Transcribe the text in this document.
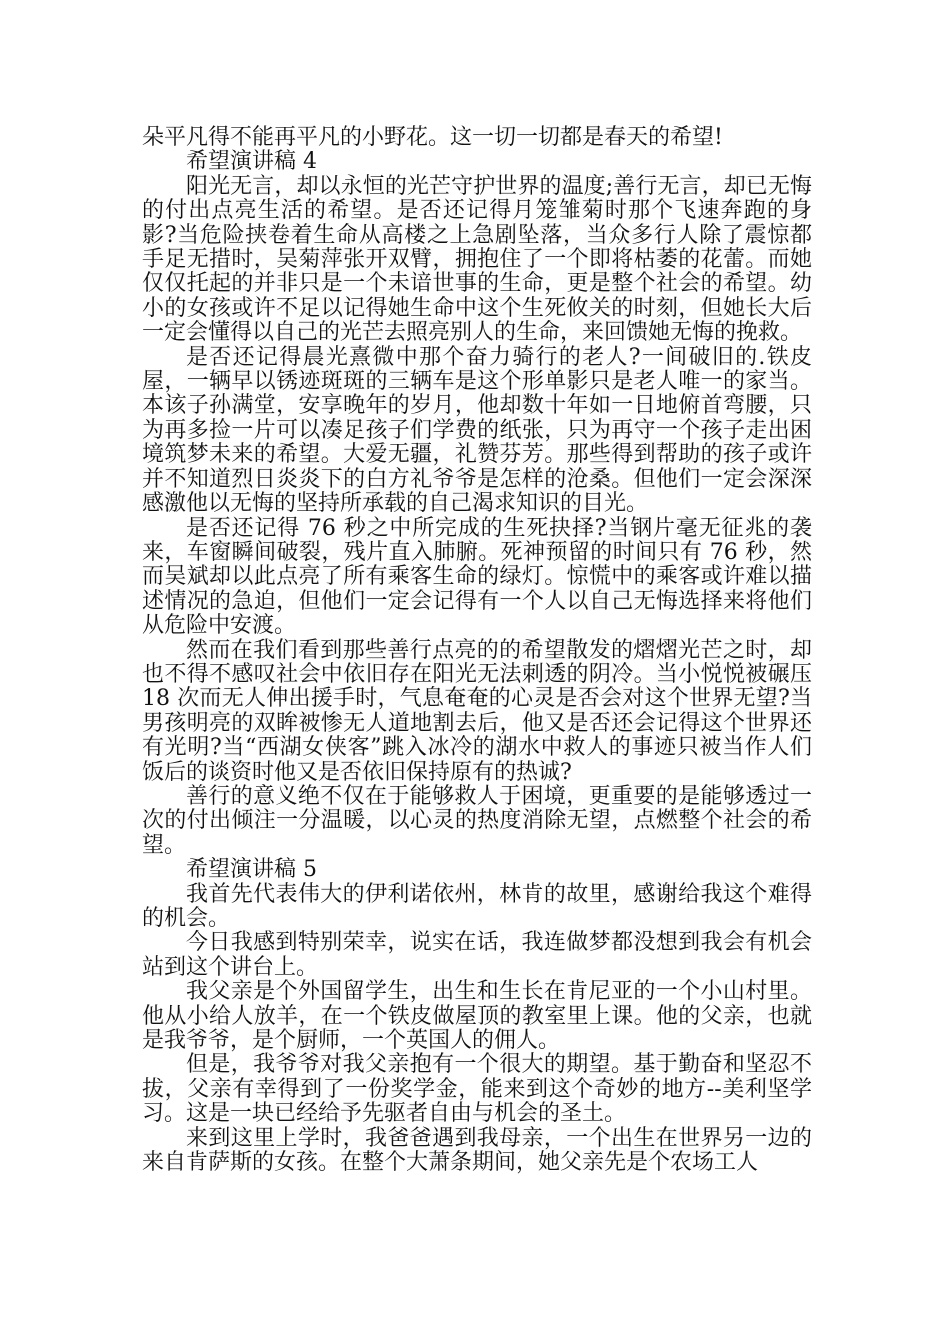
朵平凡得不能再平凡的小野花。这一切一切都是春天的希望!

希望演讲稿 4

阳光无言，却以永恒的光芒守护世界的温度;善行无言，却已无悔的付出点亮生活的希望。是否还记得月笼雏菊时那个飞速奔跑的身影?当危险挟卷着生命从高楼之上急剧坠落，当众多行人除了震惊都手足无措时，吴菊萍张开双臂，拥抱住了一个即将枯萎的花蕾。而她仅仅托起的并非只是一个未谙世事的生命，更是整个社会的希望。幼小的女孩或许不足以记得她生命中这个生死攸关的时刻，但她长大后一定会懂得以自己的光芒去照亮别人的生命，来回馈她无悔的挽救。

是否还记得晨光熹微中那个奋力骑行的老人?一间破旧的.铁皮屋，一辆早以锈迹斑斑的三辆车是这个形单影只是老人唯一的家当。本该子孙满堂，安享晚年的岁月，他却数十年如一日地俯首弯腰，只为再多捡一片可以凑足孩子们学费的纸张，只为再守一个孩子走出困境筑梦未来的希望。大爱无疆，礼赞芬芳。那些得到帮助的孩子或许并不知道烈日炎炎下的白方礼爷爷是怎样的沧桑。但他们一定会深深感激他以无悔的坚持所承载的自己渴求知识的目光。

是否还记得 76 秒之中所完成的生死抉择?当钢片毫无征兆的袭来，车窗瞬间破裂，残片直入肺腑。死神预留的时间只有 76 秒，然而吴斌却以此点亮了所有乘客生命的绿灯。惊慌中的乘客或许难以描述情况的急迫，但他们一定会记得有一个人以自己无悔选择来将他们从危险中安渡。

然而在我们看到那些善行点亮的的希望散发的熠熠光芒之时，却也不得不感叹社会中依旧存在阳光无法刺透的阴冷。当小悦悦被碾压 18 次而无人伸出援手时，气息奄奄的心灵是否会对这个世界无望?当男孩明亮的双眸被惨无人道地割去后，他又是否还会记得这个世界还有光明?当“西湖女侠客”跳入冰冷的湖水中救人的事迹只被当作人们饭后的谈资时他又是否依旧保持原有的热诚?

善行的意义绝不仅在于能够救人于困境，更重要的是能够透过一次的付出倾注一分温暖，以心灵的热度消除无望，点燃整个社会的希望。

希望演讲稿 5

我首先代表伟大的伊利诺依州，林肯的故里，感谢给我这个难得的机会。

今日我感到特别荣幸，说实在话，我连做梦都没想到我会有机会站到这个讲台上。

我父亲是个外国留学生，出生和生长在肯尼亚的一个小山村里。他从小给人放羊，在一个铁皮做屋顶的教室里上课。他的父亲，也就是我爷爷，是个厨师，一个英国人的佣人。

但是，我爷爷对我父亲抱有一个很大的期望。基于勤奋和坚忍不拔，父亲有幸得到了一份奖学金，能来到这个奇妙的地方--美利坚学习。这是一块已经给予先驱者自由与机会的圣土。

来到这里上学时，我爸爸遇到我母亲，一个出生在世界另一边的来自肯萨斯的女孩。在整个大萧条期间，她父亲先是个农场工人
